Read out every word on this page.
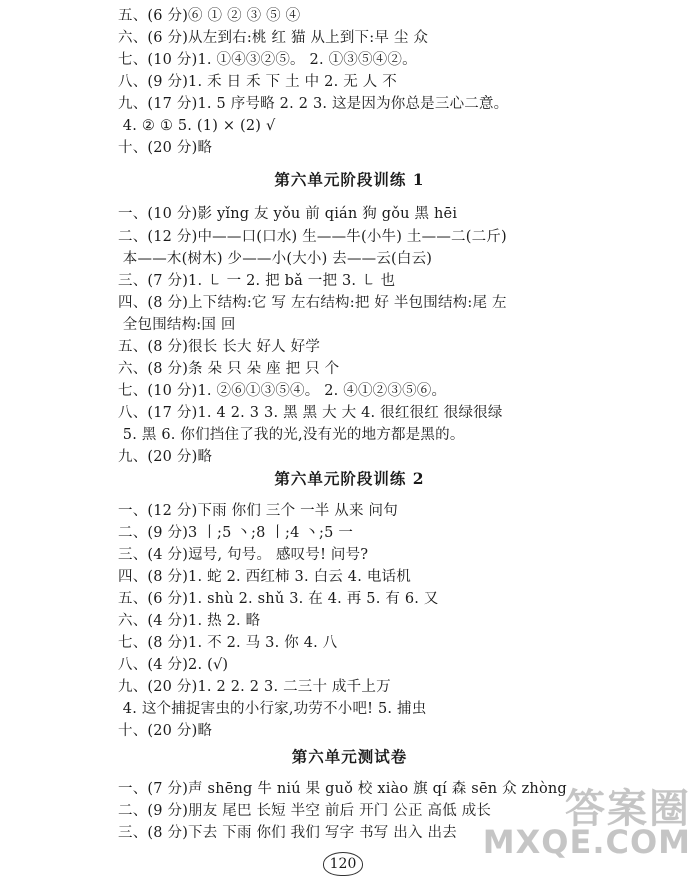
五、(6 分)⑥ ① ② ③ ⑤ ④
六、(6 分)从左到右:桃 红 猫 从上到下:早 尘 众
七、(10 分)1. ①④③②⑤。 2. ①③⑤④②。
八、(9 分)1. 禾 日 禾 下 土 中 2. 无 人 不
九、(17 分)1. 5 序号略 2. 2 3. 这是因为你总是三心二意。
4. ② ① 5. (1) × (2) √
十、(20 分)略
第六单元阶段训练 1
一、(10 分)影 yǐng 友 yǒu 前 qián 狗 gǒu 黑 hēi
二、(12 分)中——口(口水) 生——牛(小牛) 土——二(二斤)
本——木(树木) 少——小(大小) 去——云(白云)
三、(7 分)1. ㇄ 一 2. 把 bǎ 一把 3. ㇄ 也
四、(8 分)上下结构:它 写 左右结构:把 好 半包围结构:尾 左
全包围结构:国 回
五、(8 分)很长 长大 好人 好学
六、(8 分)条 朵 只 朵 座 把 只 个
七、(10 分)1. ②⑥①③⑤④。 2. ④①②③⑤⑥。
八、(17 分)1. 4 2. 3 3. 黑 黑 大 大 4. 很红很红 很绿很绿
5. 黑 6. 你们挡住了我的光,没有光的地方都是黑的。
九、(20 分)略
第六单元阶段训练 2
一、(12 分)下雨 你们 三个 一半 从来 问句
二、(9 分)3 丨;5 丶;8 丨;4 丶;5 一
三、(4 分)逗号, 句号。 感叹号! 问号?
四、(8 分)1. 蛇 2. 西红柿 3. 白云 4. 电话机
五、(6 分)1. shù 2. shǔ 3. 在 4. 再 5. 有 6. 又
六、(4 分)1. 热 2. 略
七、(8 分)1. 不 2. 马 3. 你 4. 八
八、(4 分)2. (√)
九、(20 分)1. 2 2. 2 3. 二三十 成千上万
4. 这个捕捉害虫的小行家,功劳不小吧! 5. 捕虫
十、(20 分)略
第六单元测试卷
一、(7 分)声 shēng 牛 niú 果 guǒ 校 xiào 旗 qí 森 sēn 众 zhòng
二、(9 分)朋友 尾巴 长短 半空 前后 开门 公正 高低 成长
三、(8 分)下去 下雨 你们 我们 写字 书写 出入 出去
120
答案圈
MXQE.COM
